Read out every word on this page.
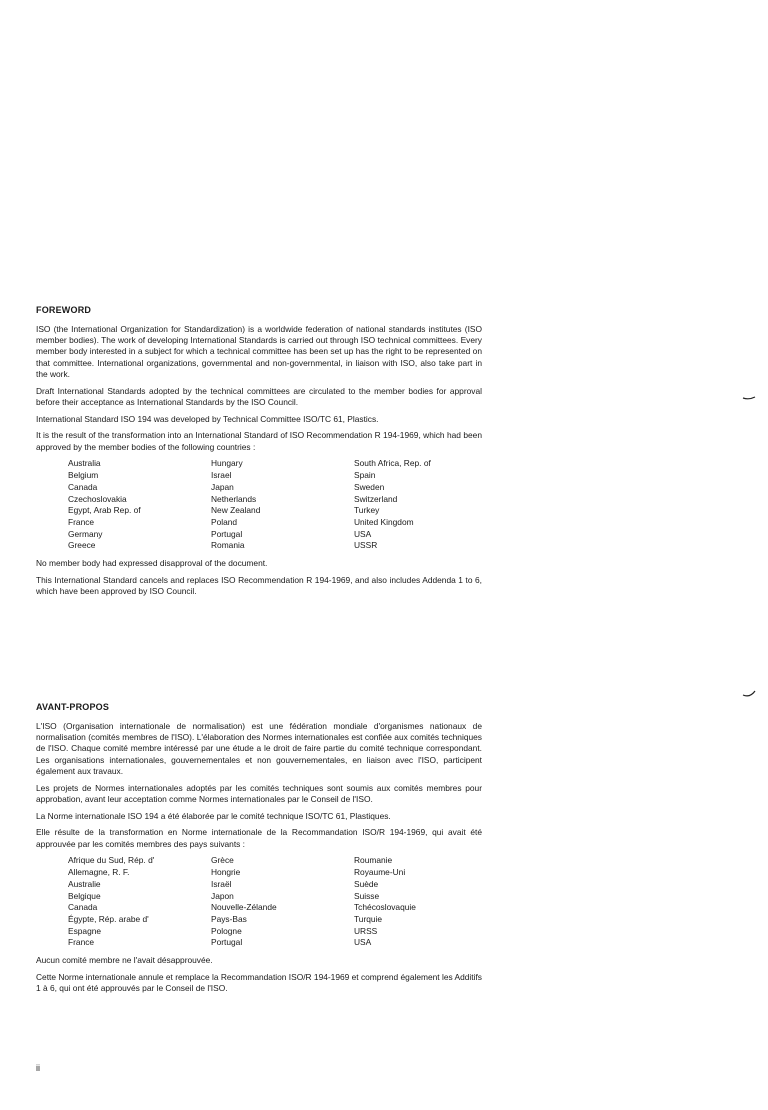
FOREWORD

ISO (the International Organization for Standardization) is a worldwide federation of national standards institutes (ISO member bodies). The work of developing International Standards is carried out through ISO technical committees. Every member body interested in a subject for which a technical committee has been set up has the right to be represented on that committee. International organizations, governmental and non-governmental, in liaison with ISO, also take part in the work.

Draft International Standards adopted by the technical committees are circulated to the member bodies for approval before their acceptance as International Standards by the ISO Council.

International Standard ISO 194 was developed by Technical Committee ISO/TC 61, Plastics.

It is the result of the transformation into an International Standard of ISO Recommendation R 194-1969, which had been approved by the member bodies of the following countries :

Australia	Hungary	South Africa, Rep. of
Belgium	Israel	Spain
Canada	Japan	Sweden
Czechoslovakia	Netherlands	Switzerland
Egypt, Arab Rep. of	New Zealand	Turkey
France	Poland	United Kingdom
Germany	Portugal	USA
Greece	Romania	USSR

No member body had expressed disapproval of the document.

This International Standard cancels and replaces ISO Recommendation R 194-1969, and also includes Addenda 1 to 6, which have been approved by ISO Council.

AVANT-PROPOS

L'ISO (Organisation internationale de normalisation) est une fédération mondiale d'organismes nationaux de normalisation (comités membres de l'ISO). L'élaboration des Normes internationales est confiée aux comités techniques de l'ISO. Chaque comité membre intéressé par une étude a le droit de faire partie du comité technique correspondant. Les organisations internationales, gouvernementales et non gouvernementales, en liaison avec l'ISO, participent également aux travaux.

Les projets de Normes internationales adoptés par les comités techniques sont soumis aux comités membres pour approbation, avant leur acceptation comme Normes internationales par le Conseil de l'ISO.

La Norme internationale ISO 194 a été élaborée par le comité technique ISO/TC 61, Plastiques.

Elle résulte de la transformation en Norme internationale de la Recommandation ISO/R 194-1969, qui avait été approuvée par les comités membres des pays suivants :

Afrique du Sud, Rép. d'	Grèce	Roumanie
Allemagne, R. F.	Hongrie	Royaume-Uni
Australie	Israël	Suède
Belgique	Japon	Suisse
Canada	Nouvelle-Zélande	Tchécoslovaquie
Égypte, Rép. arabe d'	Pays-Bas	Turquie
Espagne	Pologne	URSS
France	Portugal	USA

Aucun comité membre ne l'avait désapprouvée.

Cette Norme internationale annule et remplace la Recommandation ISO/R 194-1969 et comprend également les Additifs 1 à 6, qui ont été approuvés par le Conseil de l'ISO.

ii
